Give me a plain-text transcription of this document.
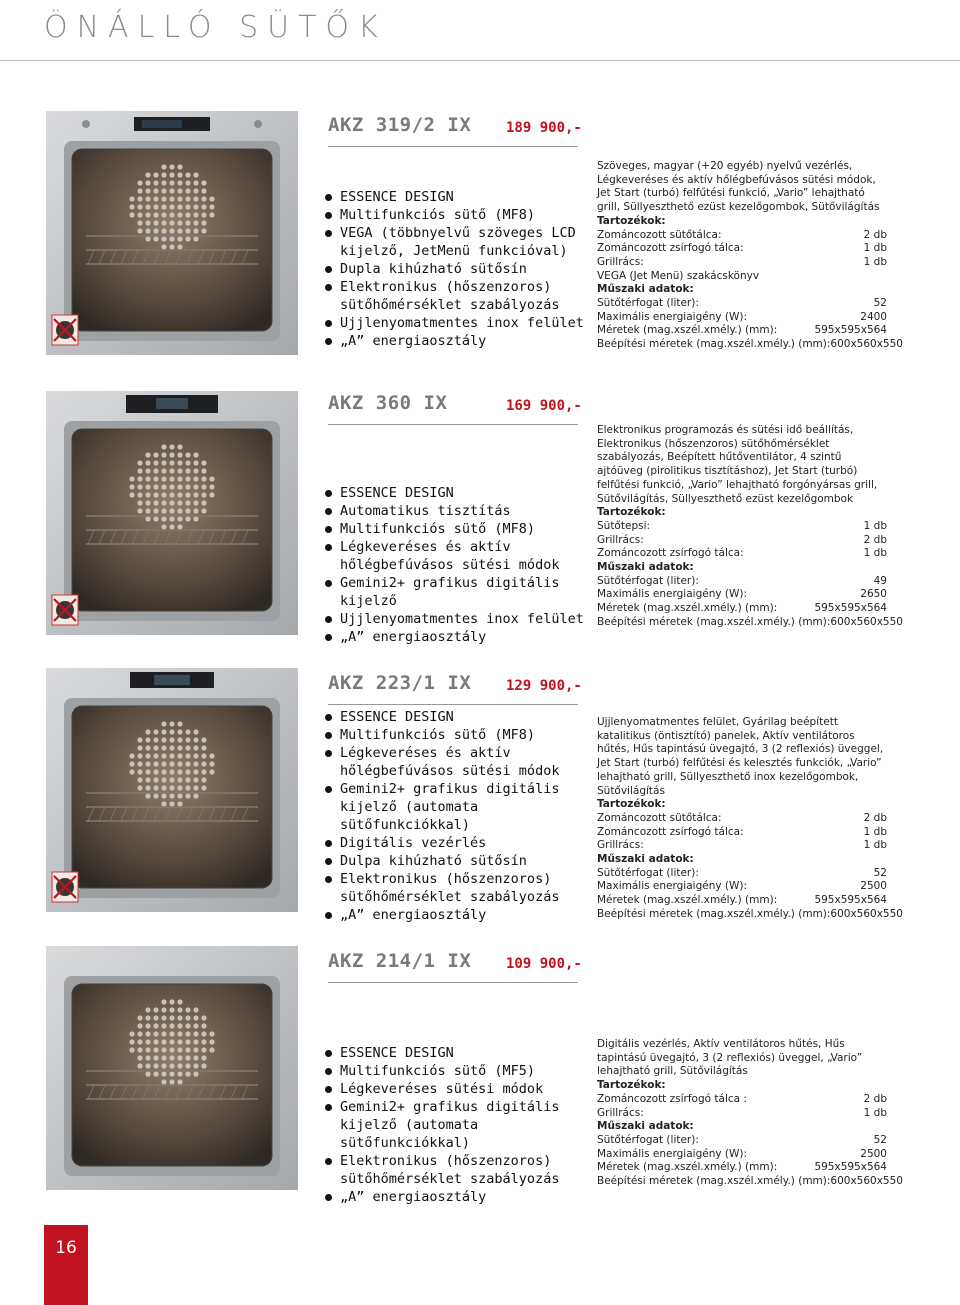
ÖNÁLLÓ SÜTŐK
AKZ 319/2 IX 189 900,-
ESSENCE DESIGN
Multifunkciós sütő (MF8)
VEGA (többnyelvű szöveges LCD kijelző, JetMenü funkcióval)
Dupla kihúzható sütősín
Elektronikus (hőszenzoros) sütőhőmérséklet szabályozás
Ujjlenyomatmentes inox felület
„A” energiaosztály

Szöveges, magyar (+20 egyéb) nyelvű vezérlés, Légkeveréses és aktív hőlégbefúvásos sütési módok, Jet Start (turbó) felfűtési funkció, „Vario” lehajtható grill, Süllyeszthető ezüst kezelőgombok, Sütővilágítás

Tartozékok:

Zománcozott sütőtálca:	2 db
Zománcozott zsírfogó tálca:	1 db
Grillrács:	1 db
VEGA (Jet Menü) szakácskönyv

Műszaki adatok:

Sütőtérfogat (liter):	52
Maximális energiaigény (W):	2400
Méretek (mag.xszél.xmély.) (mm):	595x595x564
Beépítési méretek (mag.xszél.xmély.) (mm): 600x560x550
AKZ 360 IX	169 900,-
ESSENCE DESIGN
Automatikus tisztítás
Multifunkciós sütő (MF8)
Légkeveréses és aktív hőlégbefúvásos sütési módok
Gemini2+ grafikus digitális kijelző
Ujjlenyomatmentes inox felület
„A” energiaosztály

Elektronikus programozás és sütési idő beállítás, Elektronikus (hőszenzoros) sütőhőmérséklet szabályozás, Beépített hűtőventilátor, 4 szintű ajtóüveg (pirolitikus tisztításhoz), Jet Start (turbó) felfűtési funkció, „Vario” lehajtható forgónyársas grill, Sütővilágítás, Süllyeszthető ezüst kezelőgombok

Tartozékok:

Sütőtepsi:	1 db
Grillrács:	2 db
Zománcozott zsírfogó tálca:	1 db

Műszaki adatok:

Sütőtérfogat (liter):	49
Maximális energiaigény (W):	2650
Méretek (mag.xszél.xmély.) (mm):	595x595x564
Beépítési méretek (mag.xszél.xmély.) (mm): 600x560x550
AKZ 223/1 IX 129 900,-
ESSENCE DESIGN
Multifunkciós sütő (MF8)
Légkeveréses és aktív hőlégbefúvásos sütési módok
Gemini2+ grafikus digitális kijelző (automata sütőfunkciókkal)
Digitális vezérlés
Dulpa kihúzható sütősín
Elektronikus (hőszenzoros) sütőhőmérséklet szabályozás
„A” energiaosztály

Ujjlenyomatmentes felület, Gyárilag beépített katalitikus (öntisztító) panelek, Aktív ventilátoros hűtés, Hűs tapintású üvegajtó, 3 (2 reflexiós) üveggel, Jet Start (turbó) felfűtési és kelesztés funkciók, „Vario” lehajtható grill, Süllyeszthető inox kezelőgombok, Sütővilágítás

Tartozékok:

Zománcozott sütőtálca:	2 db
Zománcozott zsírfogó tálca:	1 db
Grillrács:	1 db

Műszaki adatok:

Sütőtérfogat (liter):	52
Maximális energiaigény (W):	2500
Méretek (mag.xszél.xmély.) (mm):	595x595x564
Beépítési méretek (mag.xszél.xmély.) (mm): 600x560x550
AKZ 214/1 IX 109 900,-
ESSENCE DESIGN
Multifunkciós sütő (MF5)
Légkeveréses sütési módok
Gemini2+ grafikus digitális kijelző (automata sütőfunkciókkal)
Elektronikus (hőszenzoros) sütőhőmérséklet szabályozás
„A” energiaosztály

Digitális vezérlés, Aktív ventilátoros hűtés, Hűs tapintású üvegajtó, 3 (2 reflexiós) üveggel, „Vario” lehajtható grill, Sütővilágítás

Tartozékok:

Zománcozott zsírfogó tálca :	2 db
Grillrács:	1 db

Műszaki adatok:

Sütőtérfogat (liter):	52
Maximális energiaigény (W):	2500
Méretek (mag.xszél.xmély.) (mm):	595x595x564
Beépítési méretek (mag.xszél.xmély.) (mm): 600x560x550
16
